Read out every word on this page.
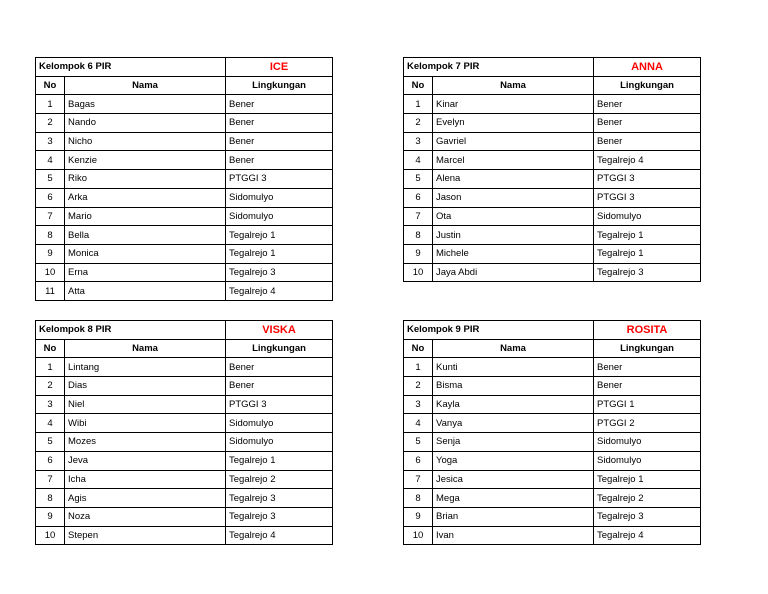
Kelompok 6 PIR		ICE
No	Nama	Lingkungan
1	Bagas	Bener
2	Nando	Bener
3	Nicho	Bener
4	Kenzie	Bener
5	Riko	PTGGI 3
6	Arka	Sidomulyo
7	Mario	Sidomulyo
8	Bella	Tegalrejo 1
9	Monica	Tegalrejo 1
10	Erna	Tegalrejo 3
11	Atta	Tegalrejo 4
Kelompok 7 PIR		ANNA
No	Nama	Lingkungan
1	Kinar	Bener
2	Evelyn	Bener
3	Gavriel	Bener
4	Marcel	Tegalrejo 4
5	Alena	PTGGI 3
6	Jason	PTGGI 3
7	Ota	Sidomulyo
8	Justin	Tegalrejo 1
9	Michele	Tegalrejo 1
10	Jaya Abdi	Tegalrejo 3
Kelompok 8 PIR		VISKA
No	Nama	Lingkungan
1	Lintang	Bener
2	Dias	Bener
3	Niel	PTGGI 3
4	Wibi	Sidomulyo
5	Mozes	Sidomulyo
6	Jeva	Tegalrejo 1
7	Icha	Tegalrejo 2
8	Agis	Tegalrejo 3
9	Noza	Tegalrejo 3
10	Stepen	Tegalrejo 4
Kelompok 9 PIR		ROSITA
No	Nama	Lingkungan
1	Kunti	Bener
2	Bisma	Bener
3	Kayla	PTGGI 1
4	Vanya	PTGGI 2
5	Senja	Sidomulyo
6	Yoga	Sidomulyo
7	Jesica	Tegalrejo 1
8	Mega	Tegalrejo 2
9	Brian	Tegalrejo 3
10	Ivan	Tegalrejo 4
